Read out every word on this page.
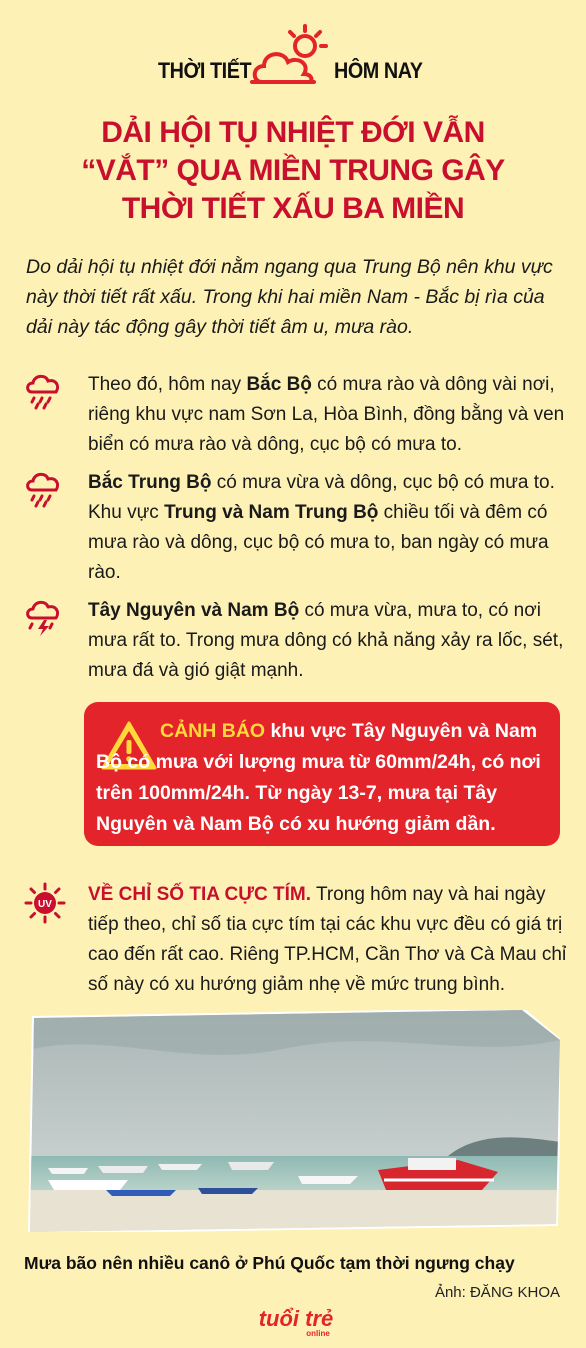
THỜI TIẾT	HÔM NAY
DẢI HỘI TỤ NHIỆT ĐỚI VẪN
“VẮT” QUA MIỀN TRUNG GÂY
THỜI TIẾT XẤU BA MIỀN
Do dải hội tụ nhiệt đới nằm ngang qua Trung Bộ nên khu vực này thời tiết rất xấu. Trong khi hai miền Nam - Bắc bị rìa của dải này tác động gây thời tiết âm u, mưa rào.
Theo đó, hôm nay Bắc Bộ có mưa rào và dông vài nơi, riêng khu vực nam Sơn La, Hòa Bình, đồng bằng và ven biển có mưa rào và dông, cục bộ có mưa to.
Bắc Trung Bộ có mưa vừa và dông, cục bộ có mưa to. Khu vực Trung và Nam Trung Bộ chiều tối và đêm có mưa rào và dông, cục bộ có mưa to, ban ngày có mưa rào.
Tây Nguyên và Nam Bộ có mưa vừa, mưa to, có nơi mưa rất to. Trong mưa dông có khả năng xảy ra lốc, sét, mưa đá và gió giật mạnh.
CẢNH BÁO khu vực Tây Nguyên và Nam Bộ có mưa với lượng mưa từ 60mm/24h, có nơi trên 100mm/24h. Từ ngày 13-7, mưa tại Tây Nguyên và Nam Bộ có xu hướng giảm dần.
UV VỀ CHỈ SỐ TIA CỰC TÍM. Trong hôm nay và hai ngày tiếp theo, chỉ số tia cực tím tại các khu vực đều có giá trị cao đến rất cao. Riêng TP.HCM, Cần Thơ và Cà Mau chỉ số này có xu hướng giảm nhẹ về mức trung bình.
Mưa bão nên nhiều canô ở Phú Quốc tạm thời ngưng chạy
Ảnh: ĐĂNG KHOA
tuổi trẻ
online
